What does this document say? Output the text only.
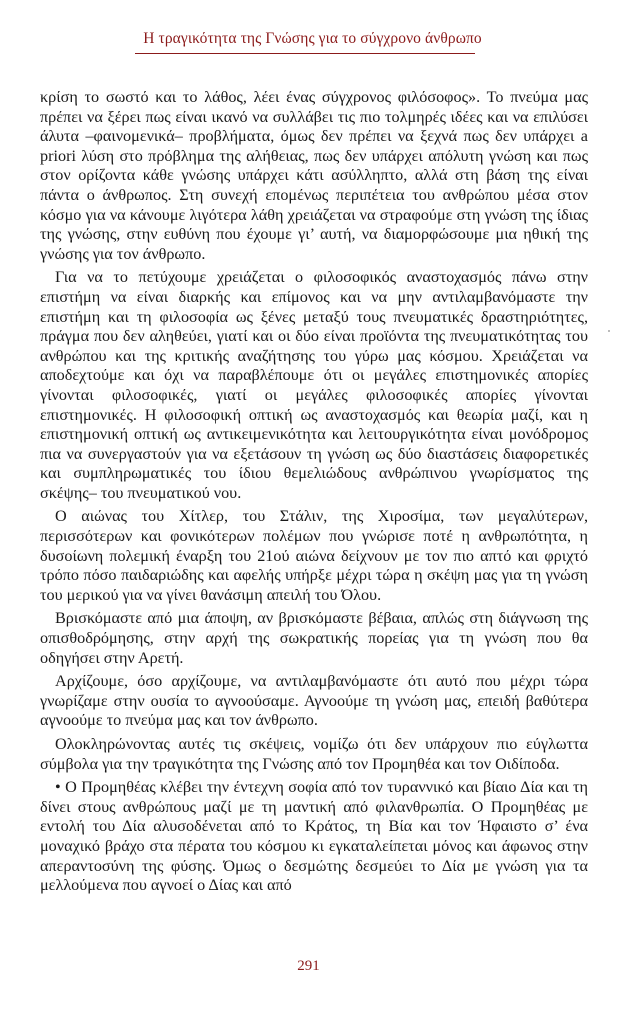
Η τραγικότητα της Γνώσης για το σύγχρονο άνθρωπο

κρίση το σωστό και το λάθος, λέει ένας σύγχρονος φιλόσοφος». Το πνεύμα μας πρέπει να ξέρει πως είναι ικανό να συλλάβει τις πιο τολμηρές ιδέες και να επιλύσει άλυτα –φαινομενικά– προβλήματα, όμως δεν πρέπει να ξεχνά πως δεν υπάρχει a priori λύση στο πρόβλημα της αλήθειας, πως δεν υπάρχει απόλυτη γνώση και πως στον ορίζοντα κάθε γνώσης υπάρχει κάτι ασύλληπτο, αλλά στη βάση της είναι πάντα ο άνθρωπος. Στη συνεχή επομένως περιπέτεια του ανθρώπου μέσα στον κόσμο για να κάνουμε λιγότερα λάθη χρειάζεται να στραφούμε στη γνώση της ίδιας της γνώσης, στην ευθύνη που έχουμε γι’ αυτή, να διαμορφώσουμε μια ηθική της γνώσης για τον άνθρωπο.

Για να το πετύχουμε χρειάζεται ο φιλοσοφικός αναστοχασμός πάνω στην επιστήμη να είναι διαρκής και επίμονος και να μην αντιλαμβανόμαστε την επιστήμη και τη φιλοσοφία ως ξένες μεταξύ τους πνευματικές δραστηριότητες, πράγμα που δεν αληθεύει, γιατί και οι δύο είναι προϊόντα της πνευματικότητας του ανθρώπου και της κριτικής αναζήτησης του γύρω μας κόσμου. Χρειάζεται να αποδεχτούμε και όχι να παραβλέπουμε ότι οι μεγάλες επιστημονικές απορίες γίνονται φιλοσοφικές, γιατί οι μεγάλες φιλοσοφικές απορίες γίνονται επιστημονικές. Η φιλοσοφική οπτική ως αναστοχασμός και θεωρία μαζί, και η επιστημονική οπτική ως αντικειμενικότητα και λειτουργικότητα είναι μονόδρομος πια να συνεργαστούν για να εξετάσουν τη γνώση ως δύο διαστάσεις διαφορετικές και συμπληρωματικές του ίδιου θεμελιώδους ανθρώπινου γνωρίσματος της σκέψης– του πνευματικού νου.

Ο αιώνας του Χίτλερ, του Στάλιν, της Χιροσίμα, των μεγαλύτερων, περισσότερων και φονικότερων πολέμων που γνώρισε ποτέ η ανθρωπότητα, η δυσοίωνη πολεμική έναρξη του 21ού αιώνα δείχνουν με τον πιο απτό και φριχτό τρόπο πόσο παιδαριώδης και αφελής υπήρξε μέχρι τώρα η σκέψη μας για τη γνώση του μερικού για να γίνει θανάσιμη απειλή του Όλου.

Βρισκόμαστε από μια άποψη, αν βρισκόμαστε βέβαια, απλώς στη διάγνωση της οπισθοδρόμησης, στην αρχή της σωκρατικής πορείας για τη γνώση που θα οδηγήσει στην Αρετή.

Αρχίζουμε, όσο αρχίζουμε, να αντιλαμβανόμαστε ότι αυτό που μέχρι τώρα γνωρίζαμε στην ουσία το αγνοούσαμε. Αγνοούμε τη γνώση μας, επειδή βαθύτερα αγνοούμε το πνεύμα μας και τον άνθρωπο.

Ολοκληρώνοντας αυτές τις σκέψεις, νομίζω ότι δεν υπάρχουν πιο εύγλωττα σύμβολα για την τραγικότητα της Γνώσης από τον Προμηθέα και τον Οιδίποδα.

• Ο Προμηθέας κλέβει την έντεχνη σοφία από τον τυραννικό και βίαιο Δία και τη δίνει στους ανθρώπους μαζί με τη μαντική από φιλανθρωπία. Ο Προμηθέας με εντολή του Δία αλυσοδένεται από το Κράτος, τη Βία και τον Ήφαιστο σ’ ένα μοναχικό βράχο στα πέρατα του κόσμου κι εγκαταλείπεται μόνος και άφωνος στην απεραντοσύνη της φύσης. Όμως ο δεσμώτης δεσμεύει το Δία με γνώση για τα μελλούμενα που αγνοεί ο Δίας και από

291
